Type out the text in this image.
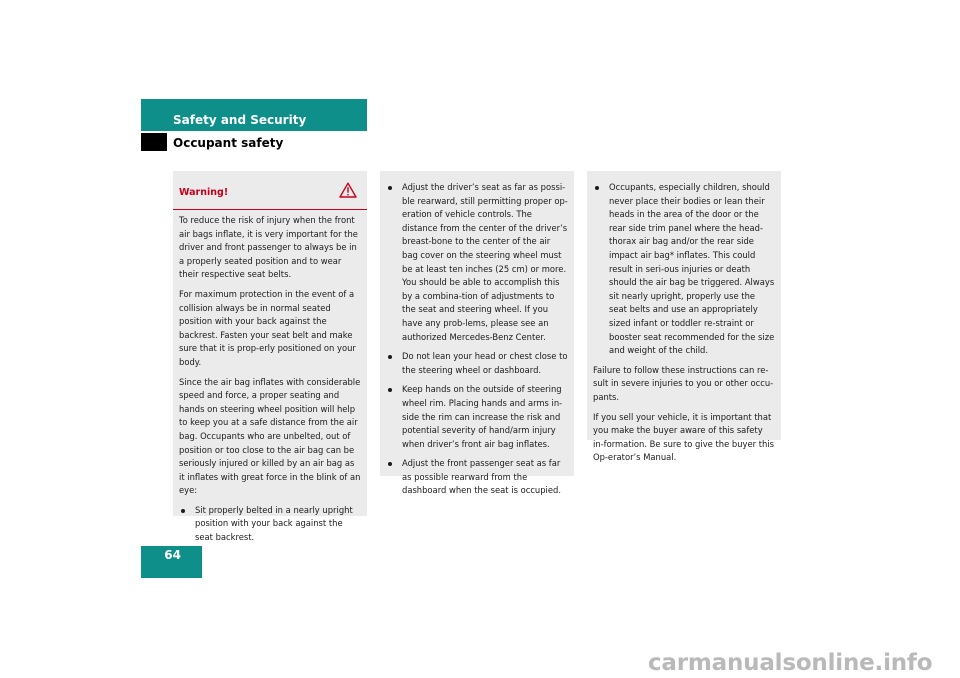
Safety and Security
Occupant safety
Warning!

To reduce the risk of injury when the front air bags inflate, it is very important for the driver and front passenger to always be in a properly seated position and to wear their respective seat belts.

For maximum protection in the event of a collision always be in normal seated position with your back against the backrest. Fasten your seat belt and make sure that it is prop-erly positioned on your body.

Since the air bag inflates with considerable speed and force, a proper seating and hands on steering wheel position will help to keep you at a safe distance from the air bag. Occupants who are unbelted, out of position or too close to the air bag can be seriously injured or killed by an air bag as it inflates with great force in the blink of an eye:

Sit properly belted in a nearly upright position with your back against the seat backrest.
Adjust the driver’s seat as far as possi-ble rearward, still permitting proper op-eration of vehicle controls. The distance from the center of the driver’s breast-bone to the center of the air bag cover on the steering wheel must be at least ten inches (25 cm) or more. You should be able to accomplish this by a combina-tion of adjustments to the seat and steering wheel. If you have any prob-lems, please see an authorized Mercedes-Benz Center.
Do not lean your head or chest close to the steering wheel or dashboard.
Keep hands on the outside of steering wheel rim. Placing hands and arms in-side the rim can increase the risk and potential severity of hand/arm injury when driver’s front air bag inflates.
Adjust the front passenger seat as far as possible rearward from the dashboard when the seat is occupied.
Occupants, especially children, should never place their bodies or lean their heads in the area of the door or the rear side trim panel where the head-thorax air bag and/or the rear side impact air bag* inflates. This could result in seri-ous injuries or death should the air bag be triggered. Always sit nearly upright, properly use the seat belts and use an appropriately sized infant or toddler re-straint or booster seat recommended for the size and weight of the child.

Failure to follow these instructions can re-sult in severe injuries to you or other occu-pants.

If you sell your vehicle, it is important that you make the buyer aware of this safety in-formation. Be sure to give the buyer this Op-erator’s Manual.

64
carmanualsonline.info
